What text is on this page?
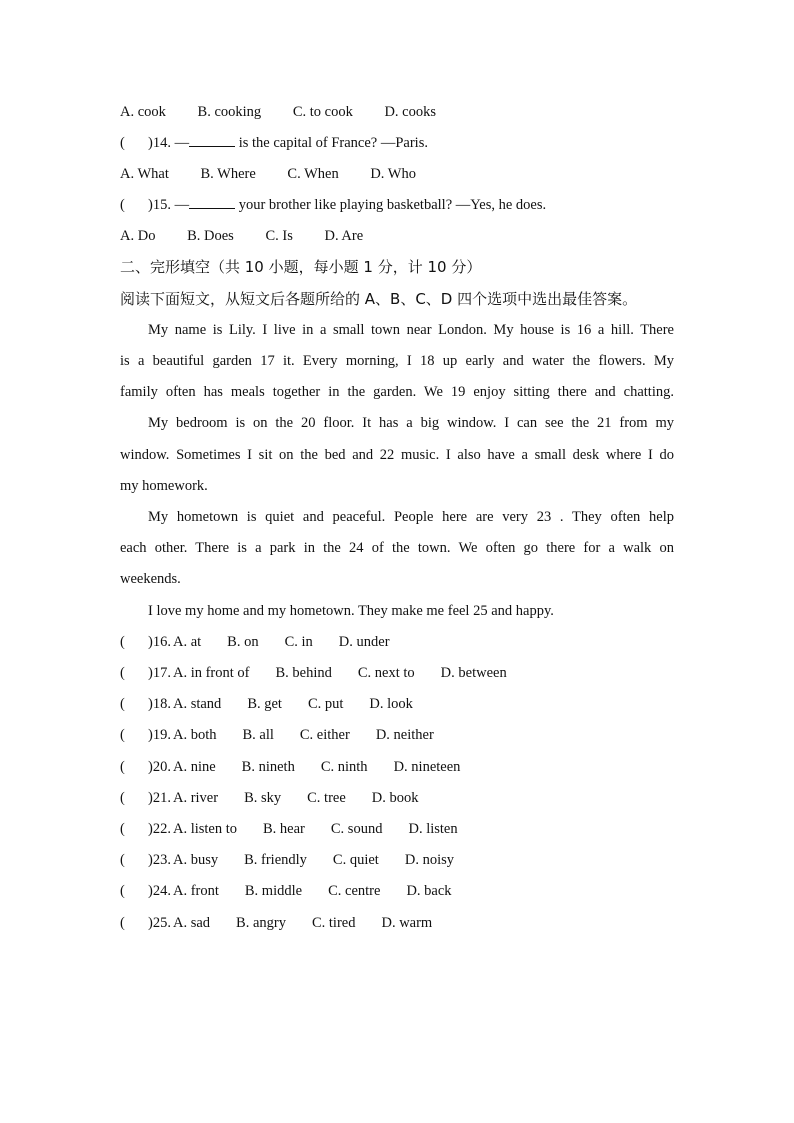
A. cook B. cooking C. to cook D. cooks
( )14. —	is the capital of France? —Paris.
A. What B. Where C. When D. Who
( )15. —	your brother like playing basketball? —Yes, he does.
A. Do B. Does C. Is D. Are
二、完形填空（共 10 小题，每小题 1 分，计 10 分）
阅读下面短文，从短文后各题所给的 A、B、C、D 四个选项中选出最佳答案。
My name is Lily. I live in a small town near London. My house is 16 a hill. There
is a beautiful garden 17 it. Every morning, I 18 up early and water the flowers. My
family often has meals together in the garden. We 19 enjoy sitting there and chatting.
My bedroom is on the 20 floor. It has a big window. I can see the 21 from my
window. Sometimes I sit on the bed and 22 music. I also have a small desk where I do
my homework.
My hometown is quiet and peaceful. People here are very 23 . They often help
each other. There is a park in the 24 of the town. We often go there for a walk on
weekends.
I love my home and my hometown. They make me feel 25 and happy.
( )16. A. at B. on C. in D. under
( )17. A. in front of B. behind C. next to D. between
( )18. A. stand B. get C. put D. look
( )19. A. both B. all C. either D. neither
( )20. A. nine B. nineth C. ninth D. nineteen
( )21. A. river B. sky C. tree D. book
( )22. A. listen to B. hear C. sound D. listen
( )23. A. busy B. friendly C. quiet D. noisy
( )24. A. front B. middle C. centre D. back
( )25. A. sad B. angry C. tired D. warm
